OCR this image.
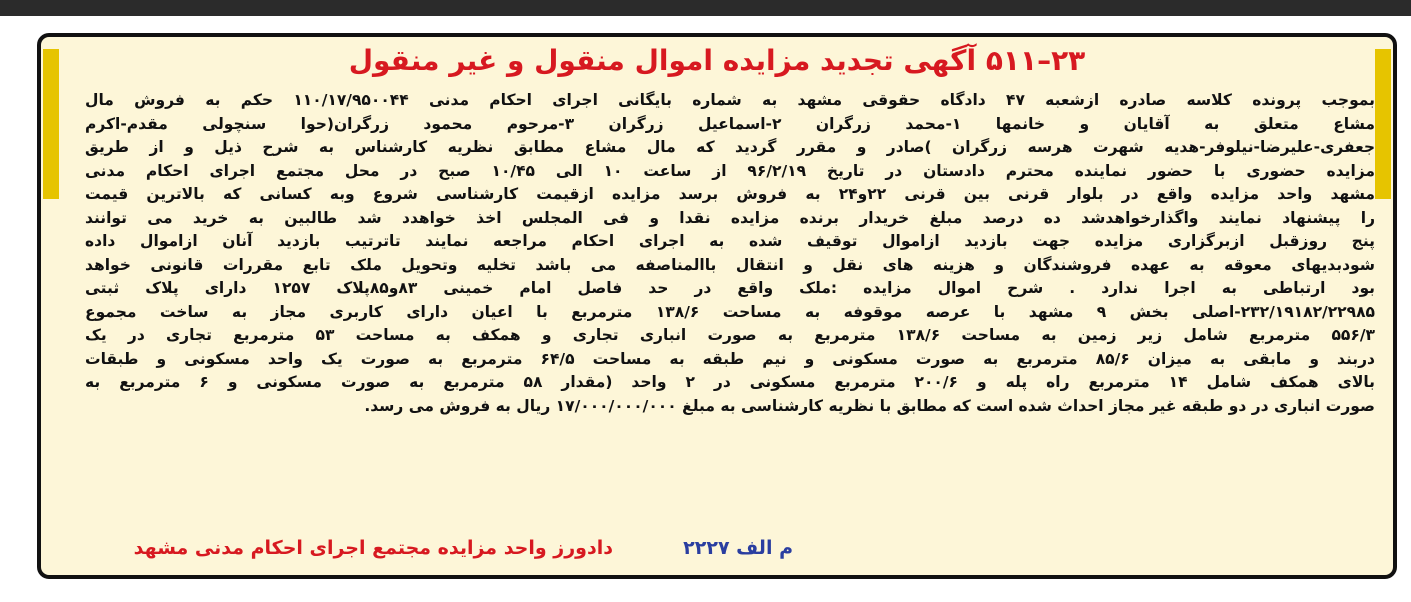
۲۳–۵۱۱ آگهی تجدید مزایده اموال منقول و غیر منقول
بموجب پرونده کلاسه صادره ازشعبه ۴۷ دادگاه حقوقی مشهد به شماره بایگانی اجرای احکام مدنی ۱۱۰/۱۷/۹۵۰۰۴۴ حکم به فروش مال
مشاع متعلق به آقایان و خانمها ۱-محمد زرگران ۲-اسماعیل زرگران ۳-مرحوم محمود زرگران(حوا سنچولی مقدم-اکرم
جعفری-علیرضا-نیلوفر-هدیه شهرت هرسه زرگران )صادر و مقرر گردید که مال مشاع مطابق نظریه کارشناس به شرح ذیل و از طریق
مزایده حضوری با حضور نماینده محترم دادستان در تاریخ ۹۶/۲/۱۹ از ساعت ۱۰ الی ۱۰/۴۵ صبح در محل مجتمع اجرای احکام مدنی
مشهد واحد مزایده واقع در بلوار قرنی بین قرنی ۲۲و۲۴ به فروش برسد مزایده ازقیمت کارشناسی شروع وبه کسانی که بالاترین قیمت
را پیشنهاد نمایند واگذارخواهدشد ده درصد مبلغ خریدار برنده مزایده نقدا و فی المجلس اخذ خواهدد شد طالبین به خرید می توانند
پنج روزقبل ازبرگزاری مزایده جهت بازدید ازاموال توقیف شده به اجرای احکام مراجعه نمایند تاترتیب بازدید آنان ازاموال داده
شودبدیهای معوقه به عهده فروشندگان و هزینه های نقل و انتقال باالمناصفه می باشد تخلیه وتحویل ملک تابع مقررات قانونی خواهد
بود ارتباطی به اجرا ندارد . شرح اموال مزایده :ملک واقع در حد فاصل امام خمینی ۸۳و۸۵پلاک ۱۲۵۷ دارای پلاک ثبتی
۲۳۲/۱۹۱۸۲/۲۲۹۸۵-اصلی بخش ۹ مشهد با عرصه موقوفه به مساحت ۱۳۸/۶ مترمربع با اعیان دارای کاربری مجاز به ساخت مجموع
۵۵۶/۳ مترمربع شامل زیر زمین به مساحت ۱۳۸/۶ مترمربع به صورت انباری تجاری و همکف به مساحت ۵۳ مترمربع تجاری در یک
دربند و مابقی به میزان ۸۵/۶ مترمربع به صورت مسکونی و نیم طبقه به مساحت ۶۴/۵ مترمربع به صورت یک واحد مسکونی و طبقات
بالای همکف شامل ۱۴ مترمربع راه پله و ۲۰۰/۶ مترمربع مسکونی در ۲ واحد (مقدار ۵۸ مترمربع به صورت مسکونی و ۶ مترمربع به
صورت انباری در دو طبقه غیر مجاز احداث شده است که مطابق با نظریه کارشناسی به مبلغ ۱۷/۰۰۰/۰۰۰/۰۰۰ ریال به فروش می رسد.
م الف ۲۲۲۷
دادورز واحد مزایده مجتمع اجرای احکام مدنی مشهد
